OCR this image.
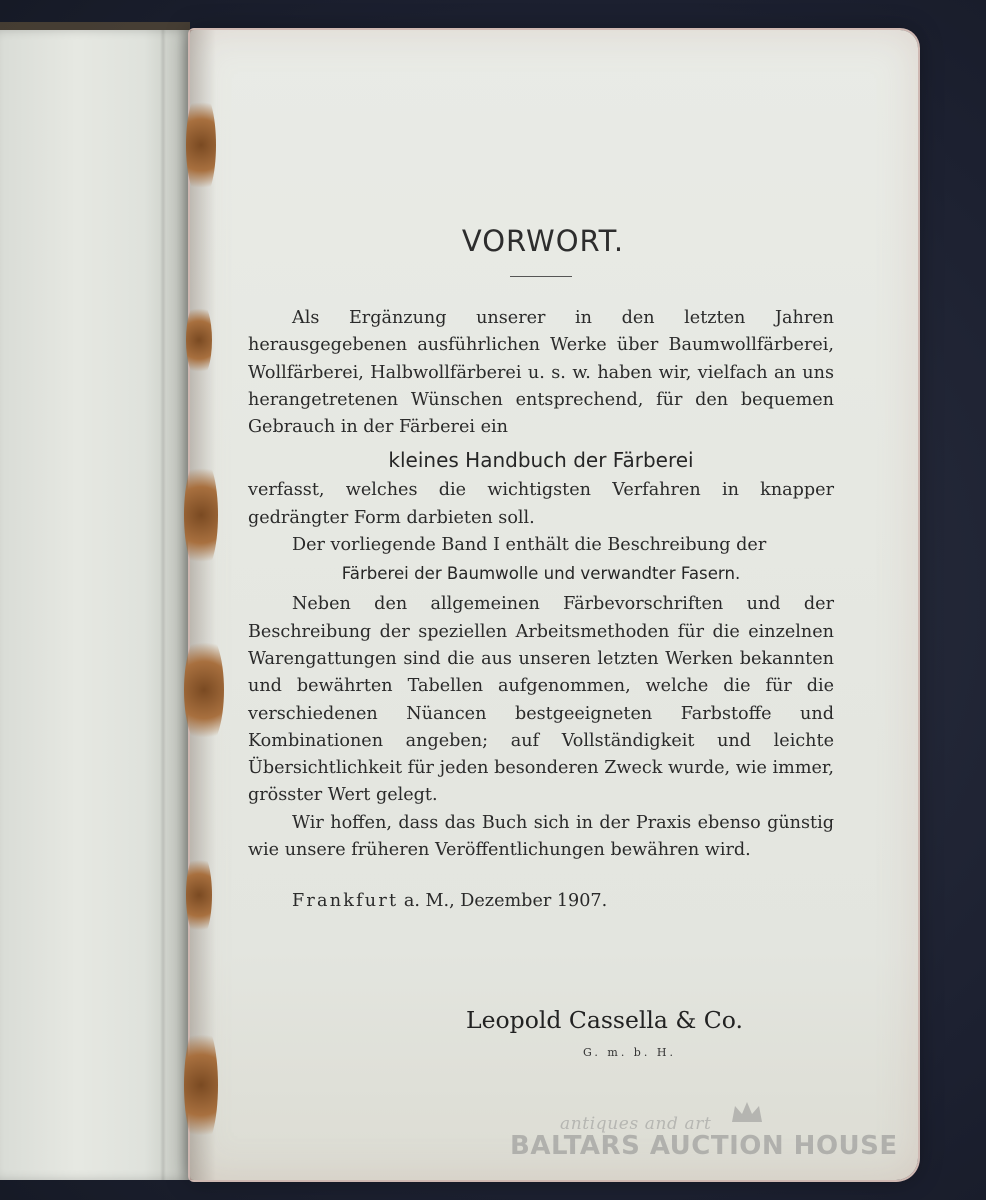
VORWORT.

Als Ergänzung unserer in den letzten Jahren herausgegebenen ausführlichen Werke über Baumwollfärberei, Wollfärberei, Halbwollfärberei u. s. w. haben wir, vielfach an uns herangetretenen Wünschen entsprechend, für den bequemen Gebrauch in der Färberei ein

kleines Handbuch der Färberei

verfasst, welches die wichtigsten Verfahren in knapper gedrängter Form darbieten soll.

Der vorliegende Band I enthält die Beschreibung der

Färberei der Baumwolle und verwandter Fasern.

Neben den allgemeinen Färbevorschriften und der Beschreibung der speziellen Arbeitsmethoden für die einzelnen Warengattungen sind die aus unseren letzten Werken bekannten und bewährten Tabellen aufgenommen, welche die für die verschiedenen Nüancen bestgeeigneten Farbstoffe und Kombinationen angeben; auf Vollständigkeit und leichte Übersichtlichkeit für jeden besonderen Zweck wurde, wie immer, grösster Wert gelegt.

Wir hoffen, dass das Buch sich in der Praxis ebenso günstig wie unsere früheren Veröffentlichungen bewähren wird.

Frankfurt a. M., Dezember 1907.
Leopold Cassella & Co.
G. m. b. H.
antiques and art
BALTARS AUCTION HOUSE
